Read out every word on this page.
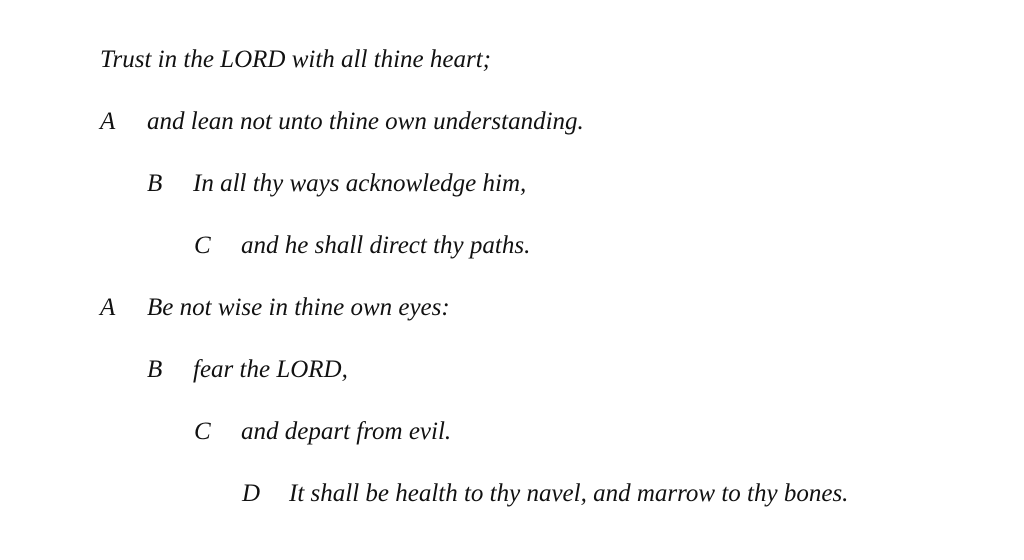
Trust in the LORD with all thine heart;
A and lean not unto thine own understanding.
B In all thy ways acknowledge him,
C and he shall direct thy paths.
A Be not wise in thine own eyes:
B fear the LORD,
C and depart from evil.
D It shall be health to thy navel, and marrow to thy bones.
